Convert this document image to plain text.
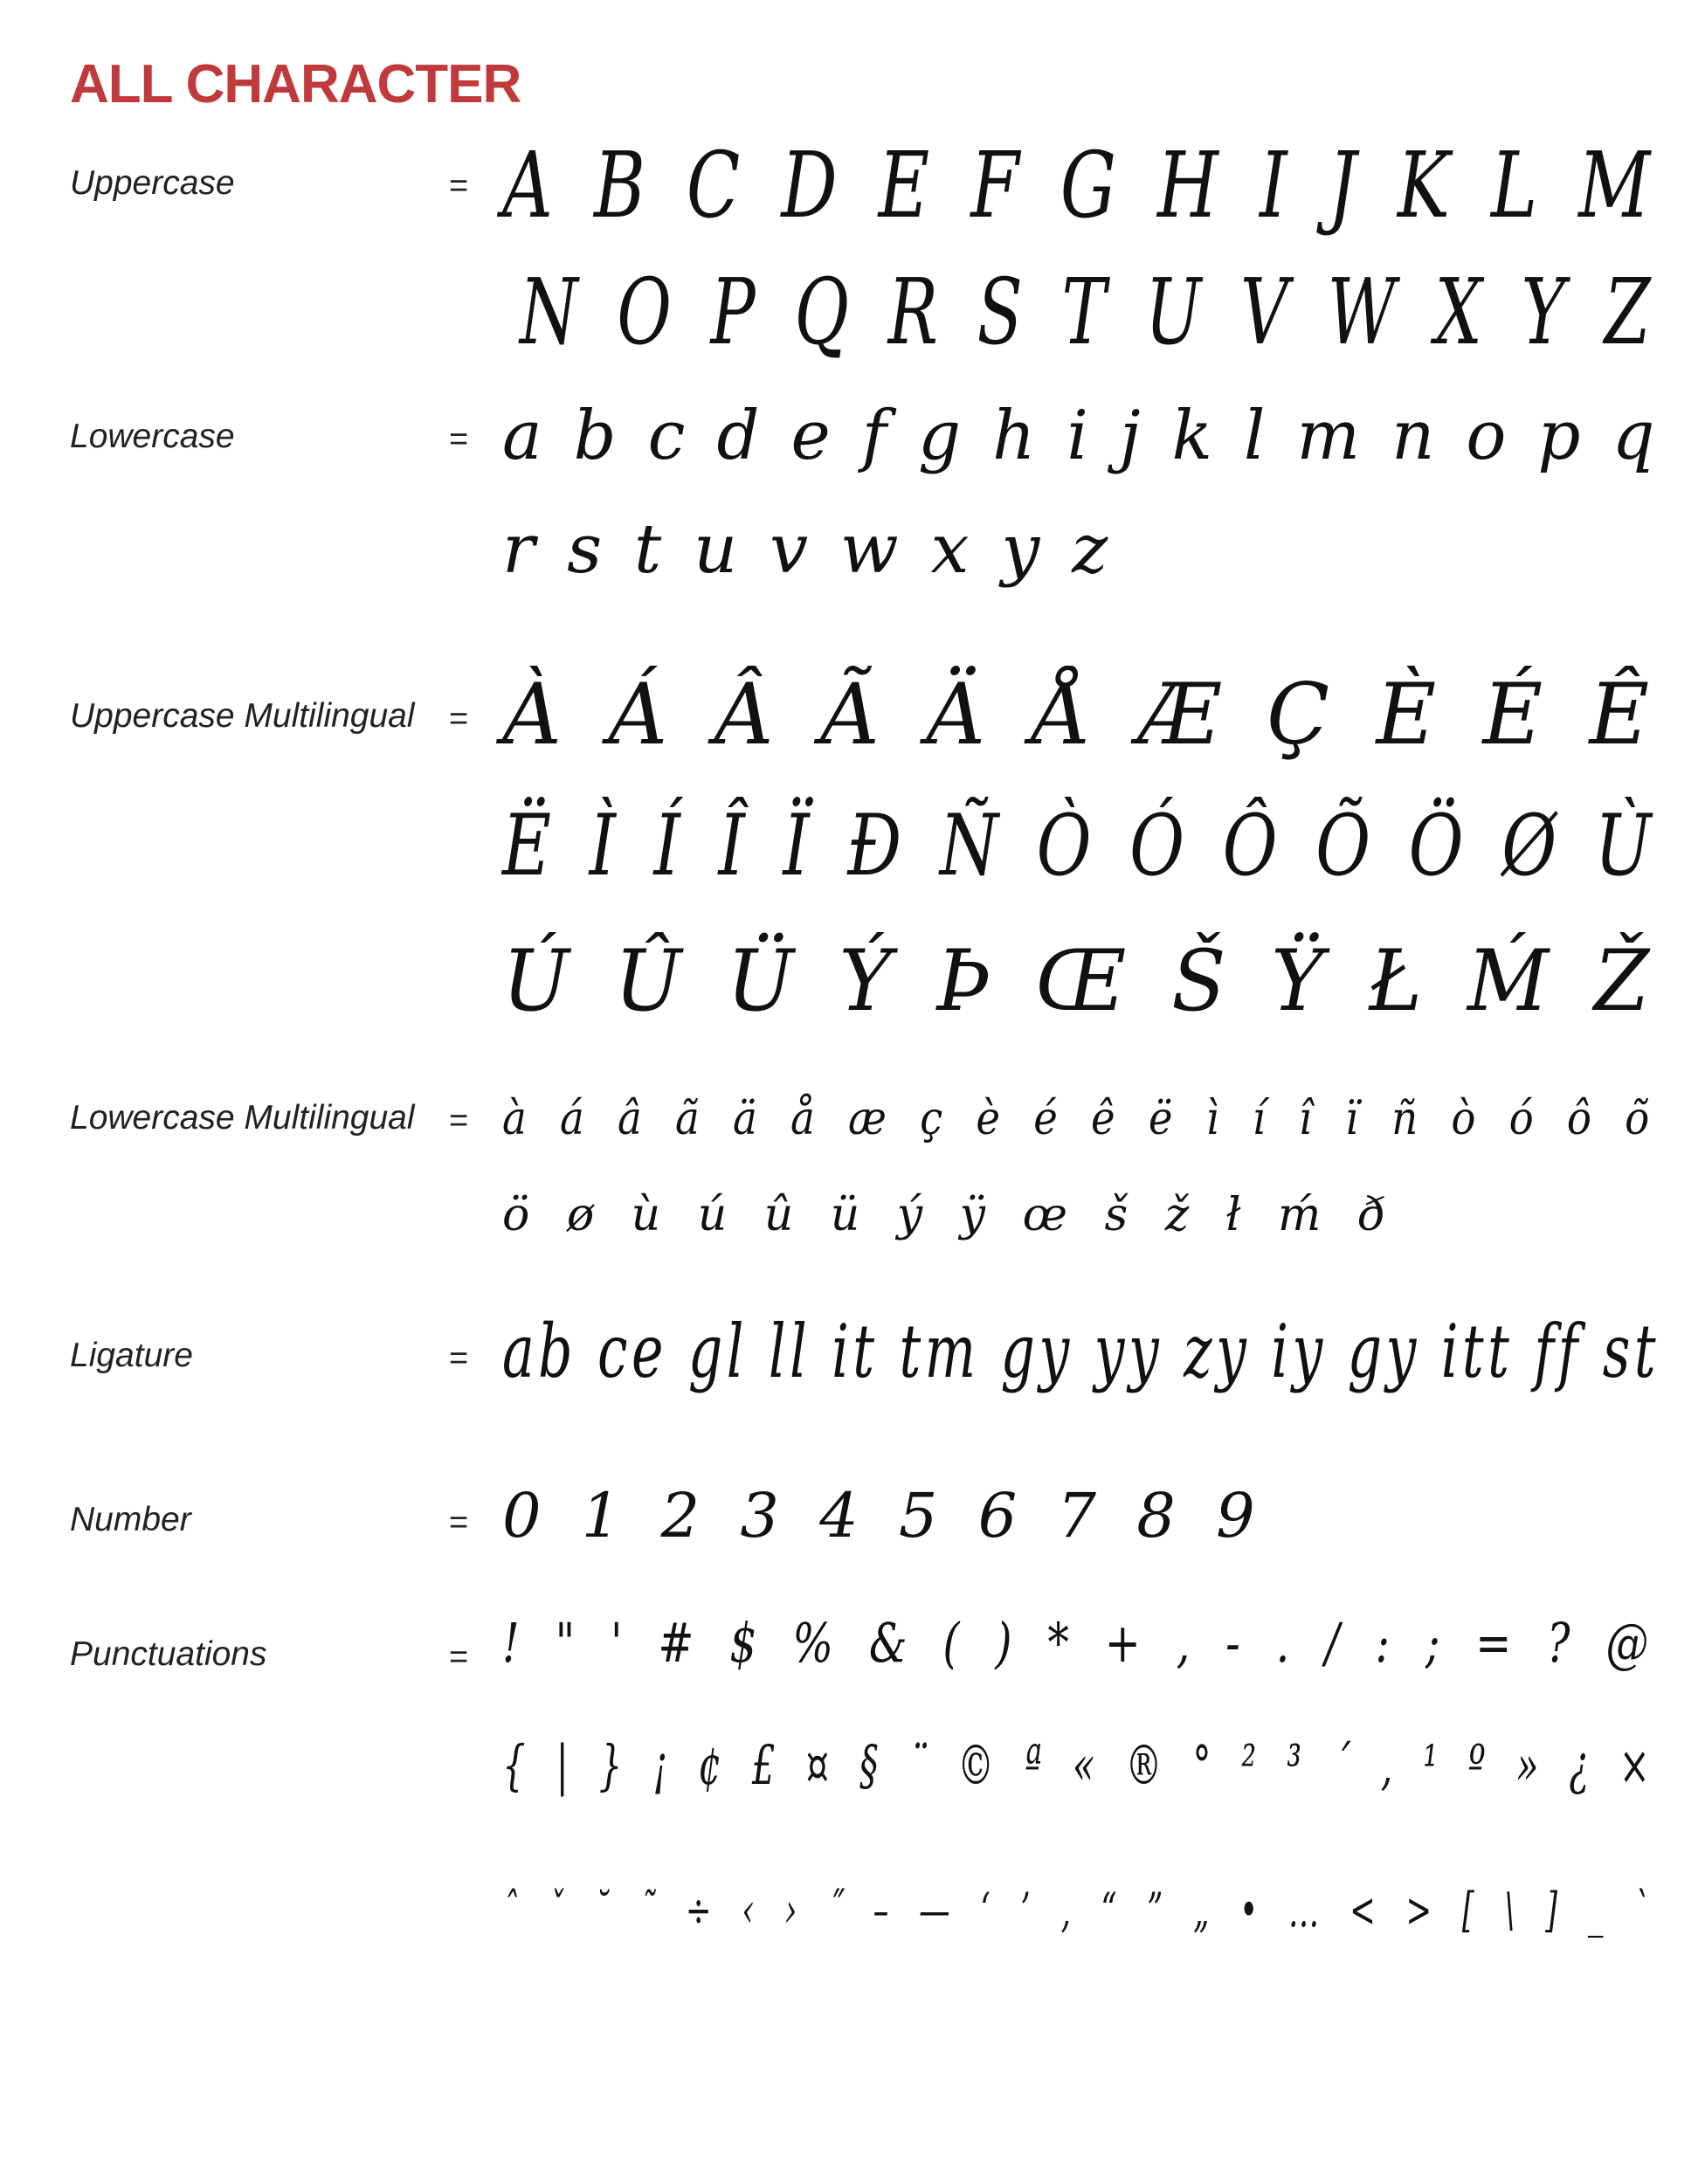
ALL CHARACTER
Uppercase	= A B C D E F G H I J K L M
N O P Q R S T U V W X Y Z
Lowercase	= a b c d e f g h i j k l m n o p q
r s t u v w x y z
Uppercase Multilingual = À Á Â Ã Ä Å Æ Ç È É Ê
Ë Ì Í Î Ï Ð Ñ Ò Ó Ô Õ Ö Ø Ù
Ú Û Ü Ý Þ Œ Š Ÿ Ł Ḿ Ž
Lowercase Multilingual = à á â ã ä å æ ç è é ê ë ì í î ï ñ ò ó ô õ
ö ø ù ú û ü ý ÿ œ š ž ł ḿ ð
Ligature	= ab ce gl ll it tm gy yy zy iy gy itt ff st
Number	= 0 1 2 3 4 5 6 7 8 9
Punctuations	= ! " ' # $ % & ( ) * + , - . / : ; = ? @
{ | } ¡ ¢ £ ¤ § ¨ © ª « ® ° ² ³ ´ , ¹ º » ¿ ×
ˆ ˇ ˘ ˜ ÷ ‹ › ˝ – — ‘ ’ ‚ “ ” „ • … < > [ \ ] _ `
